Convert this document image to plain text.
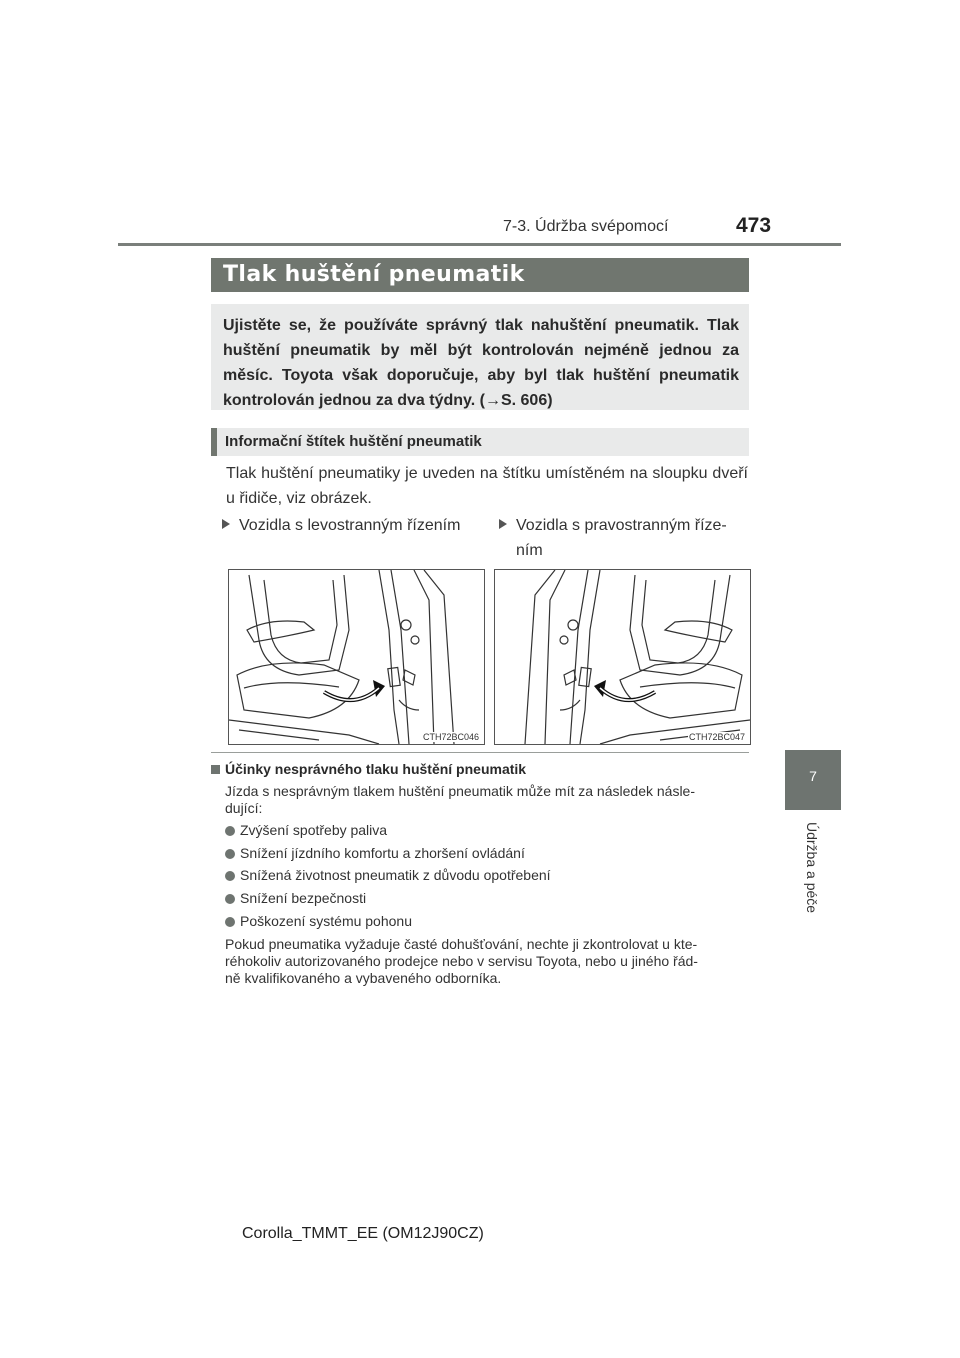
7-3. Údržba svépomocí	473
7
Údržba a péče
Tlak huštění pneumatik
Ujistěte se, že používáte správný tlak nahuštění pneumatik. Tlak huštění pneumatik by měl být kontrolován nejméně jednou za měsíc. Toyota však doporučuje, aby byl tlak huštění pneumatik kontrolován jednou za dva týdny. (→S. 606)
Informační štítek huštění pneumatik
Tlak huštění pneumatiky je uveden na štítku umístěném na sloupku dveří u řidiče, viz obrázek.
Vozidla s levostranným řízením	Vozidla s pravostranným říze-
ním
CTH72BC046	CTH72BC047
Účinky nesprávného tlaku huštění pneumatik
Jízda s nesprávným tlakem huštění pneumatik může mít za následek násle-
dující:
Zvýšení spotřeby paliva
Snížení jízdního komfortu a zhoršení ovládání
Snížená životnost pneumatik z důvodu opotřebení
Snížení bezpečnosti
Poškození systému pohonu
Pokud pneumatika vyžaduje časté dohušťování, nechte ji zkontrolovat u kte-
réhokoliv autorizovaného prodejce nebo v servisu Toyota, nebo u jiného řád-
ně kvalifikovaného a vybaveného odborníka.
Corolla_TMMT_EE (OM12J90CZ)
